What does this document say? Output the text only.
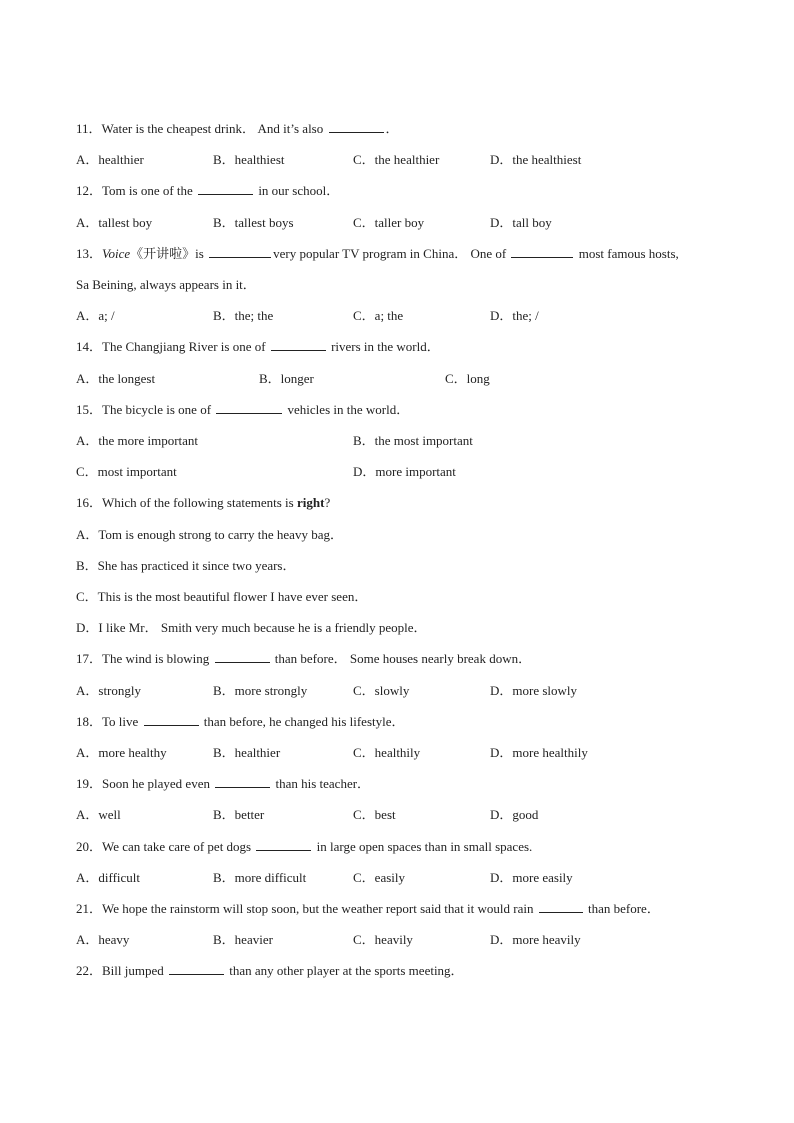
11．Water is the cheapest drink． And it’s also	．
A．healthier	B．healthiest	C．the healthier	D．the healthiest
12．Tom is one of the	in our school．
A．tallest boy	B．tallest boys	C．taller boy	D．tall boy
13．Voice《开讲啦》is	very popular TV program in China． One of	most famous hosts,
Sa Beining, always appears in it．
A．a; /	B．the; the	C．a; the	D．the; /
14．The Changjiang River is one of	rivers in the world．
A．the longest	B．longer	C．long
15．The bicycle is one of	vehicles in the world．
A．the more important	B．the most important
C．most important	D．more important
16．Which of the following statements is right?
A．Tom is enough strong to carry the heavy bag．
B．She has practiced it since two years．
C．This is the most beautiful flower I have ever seen．
D．I like Mr． Smith very much because he is a friendly people．
17．The wind is blowing	than before． Some houses nearly break down．
A．strongly	B．more strongly	C．slowly	D．more slowly
18．To live	than before, he changed his lifestyle．
A．more healthy	B．healthier	C．healthily	D．more healthily
19．Soon he played even	than his teacher．
A．well	B．better	C．best	D．good
20．We can take care of pet dogs	in large open spaces than in small spaces.
A．difficult	B．more difficult	C．easily	D．more easily
21．We hope the rainstorm will stop soon, but the weather report said that it would rain	than before．
A．heavy	B．heavier	C．heavily	D．more heavily
22．Bill jumped	than any other player at the sports meeting．
